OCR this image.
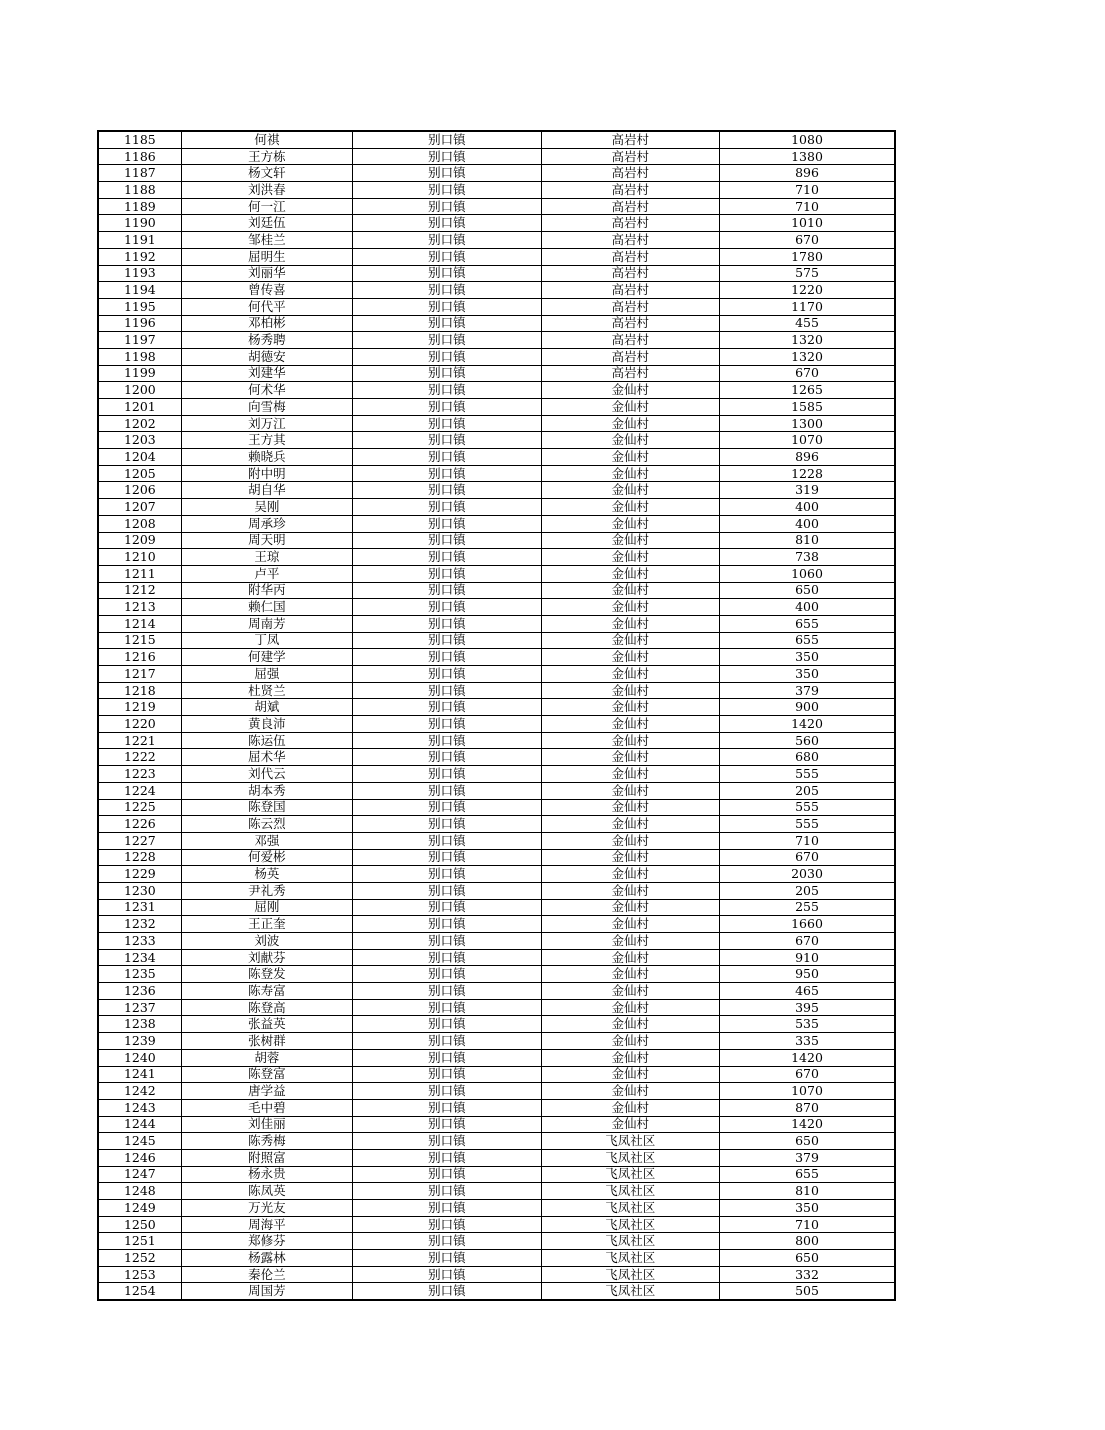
1185	何祺	别口镇	高岩村	1080
1186	王方栋	别口镇	高岩村	1380
1187	杨文轩	别口镇	高岩村	896
1188	刘洪春	别口镇	高岩村	710
1189	何一江	别口镇	高岩村	710
1190	刘廷伍	别口镇	高岩村	1010
1191	邹桂兰	别口镇	高岩村	670
1192	屈明生	别口镇	高岩村	1780
1193	刘丽华	别口镇	高岩村	575
1194	曾传喜	别口镇	高岩村	1220
1195	何代平	别口镇	高岩村	1170
1196	邓柏彬	别口镇	高岩村	455
1197	杨秀聘	别口镇	高岩村	1320
1198	胡德安	别口镇	高岩村	1320
1199	刘建华	别口镇	高岩村	670
1200	何术华	别口镇	金仙村	1265
1201	向雪梅	别口镇	金仙村	1585
1202	刘万江	别口镇	金仙村	1300
1203	王方其	别口镇	金仙村	1070
1204	赖晓兵	别口镇	金仙村	896
1205	附中明	别口镇	金仙村	1228
1206	胡自华	别口镇	金仙村	319
1207	吴刚	别口镇	金仙村	400
1208	周承珍	别口镇	金仙村	400
1209	周天明	别口镇	金仙村	810
1210	王琼	别口镇	金仙村	738
1211	卢平	别口镇	金仙村	1060
1212	附华丙	别口镇	金仙村	650
1213	赖仁国	别口镇	金仙村	400
1214	周南芳	别口镇	金仙村	655
1215	丁凤	别口镇	金仙村	655
1216	何建学	别口镇	金仙村	350
1217	屈强	别口镇	金仙村	350
1218	杜贤兰	别口镇	金仙村	379
1219	胡斌	别口镇	金仙村	900
1220	黄良沛	别口镇	金仙村	1420
1221	陈运伍	别口镇	金仙村	560
1222	屈术华	别口镇	金仙村	680
1223	刘代云	别口镇	金仙村	555
1224	胡本秀	别口镇	金仙村	205
1225	陈登国	别口镇	金仙村	555
1226	陈云烈	别口镇	金仙村	555
1227	邓强	别口镇	金仙村	710
1228	何爱彬	别口镇	金仙村	670
1229	杨英	别口镇	金仙村	2030
1230	尹礼秀	别口镇	金仙村	205
1231	屈刚	别口镇	金仙村	255
1232	王正奎	别口镇	金仙村	1660
1233	刘波	别口镇	金仙村	670
1234	刘献芬	别口镇	金仙村	910
1235	陈登发	别口镇	金仙村	950
1236	陈寿富	别口镇	金仙村	465
1237	陈登高	别口镇	金仙村	395
1238	张益英	别口镇	金仙村	535
1239	张树群	别口镇	金仙村	335
1240	胡蓉	别口镇	金仙村	1420
1241	陈登富	别口镇	金仙村	670
1242	唐学益	别口镇	金仙村	1070
1243	毛中碧	别口镇	金仙村	870
1244	刘佳丽	别口镇	金仙村	1420
1245	陈秀梅	别口镇	飞凤社区	650
1246	附照富	别口镇	飞凤社区	379
1247	杨永贵	别口镇	飞凤社区	655
1248	陈凤英	别口镇	飞凤社区	810
1249	万光友	别口镇	飞凤社区	350
1250	周海平	别口镇	飞凤社区	710
1251	郑修芬	别口镇	飞凤社区	800
1252	杨露林	别口镇	飞凤社区	650
1253	秦伦兰	别口镇	飞凤社区	332
1254	周国芳	别口镇	飞凤社区	505
